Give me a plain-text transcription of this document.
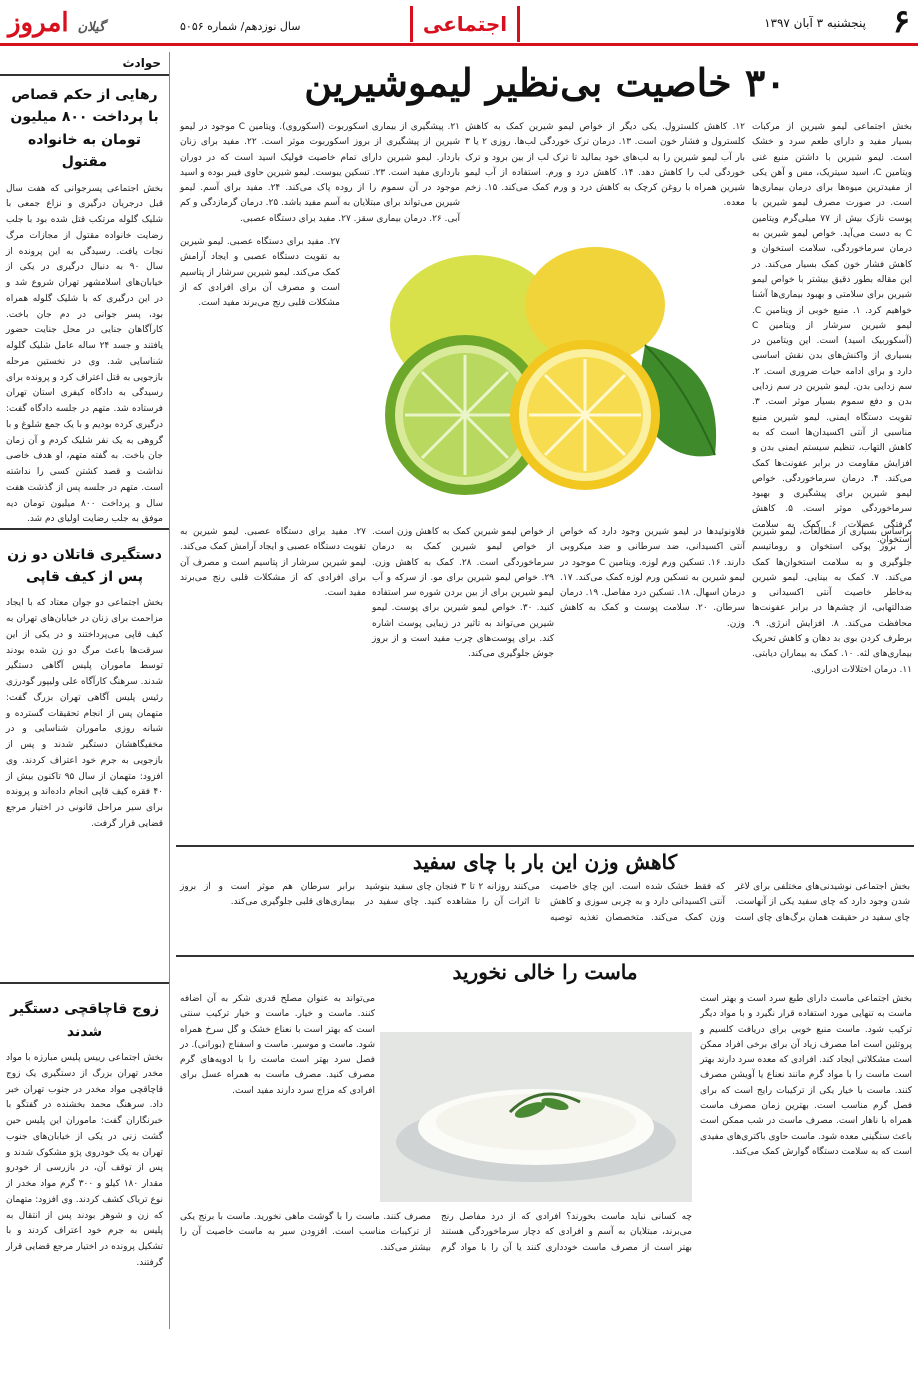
۶
پنجشنبه ۳ آبان ۱۳۹۷
اجتماعی
سال نوزدهم/ شماره ۵۰۵۶
گیلان امروز
حوادث
رهایی از حکم قصاص با پرداخت ۸۰۰ میلیون تومان به خانواده مقتول
بخش اجتماعی پسرجوانی که هفت سال قبل درجریان درگیری و نزاع جمعی با شلیک گلوله مرتکب قتل شده بود با جلب رضایت خانواده مقتول از مجازات مرگ نجات یافت. رسیدگی به این پرونده از سال ۹۰ به دنبال درگیری در یکی از خیابان‌های اسلامشهر تهران شروع شد و در این درگیری که با شلیک گلوله همراه بود، پسر جوانی در دم جان باخت. کارآگاهان جنایی در محل جنایت حضور یافتند و جسد ۲۴ ساله عامل شلیک گلوله شناسایی شد. وی در نخستین مرحله بازجویی به قتل اعتراف کرد و پرونده برای رسیدگی به دادگاه کیفری استان تهران فرستاده شد. متهم در جلسه دادگاه گفت: درگیری کرده بودیم و با یک جمع شلوغ و با گروهی به یک نفر شلیک کردم و آن زمان جان باخت. به گفته متهم، او هدف خاصی نداشت و قصد کشتن کسی را نداشته است. متهم در جلسه پس از گذشت هفت سال و پرداخت ۸۰۰ میلیون تومان دیه موفق به جلب رضایت اولیای دم شد.
دستگیری قاتلان دو زن پس از کیف قاپی
بخش اجتماعی دو جوان معتاد که با ایجاد مزاحمت برای زنان در خیابان‌های تهران به کیف قاپی می‌پرداختند و در یکی از این سرقت‌ها باعث مرگ دو زن شده بودند توسط ماموران پلیس آگاهی دستگیر شدند. سرهنگ کارآگاه علی ولیپور گودرزی رئیس پلیس آگاهی تهران بزرگ گفت: متهمان پس از انجام تحقیقات گسترده و شبانه روزی ماموران شناسایی و در مخفیگاهشان دستگیر شدند و پس از بازجویی به جرم خود اعتراف کردند. وی افزود: متهمان از سال ۹۵ تاکنون بیش از ۴۰ فقره کیف قاپی انجام داده‌اند و پرونده برای سیر مراحل قانونی در اختیار مرجع قضایی قرار گرفت.
زوج قاچاقچی دستگیر شدند
بخش اجتماعی رییس پلیس مبارزه با مواد مخدر تهران بزرگ از دستگیری یک زوج قاچاقچی مواد مخدر در جنوب تهران خبر داد. سرهنگ محمد بخشنده در گفتگو با خبرنگاران گفت: ماموران این پلیس حین گشت زنی در یکی از خیابان‌های جنوب تهران به یک خودروی پژو مشکوک شدند و پس از توقف آن، در بازرسی از خودرو مقدار ۱۸۰ کیلو و ۳۰۰ گرم مواد مخدر از نوع تریاک کشف کردند. وی افزود: متهمان که زن و شوهر بودند پس از انتقال به پلیس به جرم خود اعتراف کردند و با تشکیل پرونده در اختیار مرجع قضایی قرار گرفتند.
۳۰ خاصیت بی‌نظیر لیموشیرین
بخش اجتماعی لیمو شیرین از مرکبات بسیار مفید و دارای طعم سرد و خشک است. لیمو شیرین با داشتن منبع غنی ویتامین C، اسید سیتریک، مس و آهن یکی از مفیدترین میوه‌ها برای درمان بیماری‌ها است. در صورت مصرف لیمو شیرین با پوست نازک بیش از ۷۷ میلی‌گرم ویتامین C به دست می‌آید. خواص لیمو شیرین به درمان سرماخوردگی، سلامت استخوان و کاهش فشار خون کمک بسیار می‌کند. در این مقاله بطور دقیق بیشتر با خواص لیمو شیرین برای سلامتی و بهبود بیماری‌ها آشنا خواهیم کرد. ۱. منبع خوبی از ویتامین C. لیمو شیرین سرشار از ویتامین C (آسکوربیک اسید) است. این ویتامین در بسیاری از واکنش‌های بدن نقش اساسی دارد و برای ادامه حیات ضروری است. ۲. سم زدایی بدن. لیمو شیرین در سم زدایی بدن و دفع سموم بسیار موثر است. ۳. تقویت دستگاه ایمنی. لیمو شیرین منبع مناسبی از آنتی اکسیدان‌ها است که به کاهش التهاب، تنظیم سیستم ایمنی بدن و افزایش مقاومت در برابر عفونت‌ها کمک می‌کند. ۴. درمان سرماخوردگی. خواص لیمو شیرین برای پیشگیری و بهبود سرماخوردگی موثر است. ۵. کاهش گرفتگی عضلات. ۶. کمک به سلامت استخوان.
۱۲. کاهش کلسترول. یکی دیگر از خواص لیمو شیرین کمک به کاهش کلسترول و فشار خون است. ۱۳. درمان ترک خوردگی لب‌ها. روزی ۲ یا ۳ بار آب لیمو شیرین را به لب‌های خود بمالید تا ترک لب از بین برود و ترک خوردگی لب را کاهش دهد. ۱۴. کاهش درد و ورم. استفاده از آب لیمو شیرین همراه با روغن کرچک به کاهش درد و ورم کمک می‌کند. ۱۵. زخم معده.
۲۱. پیشگیری از بیماری اسکوربوت (اسکوروی). ویتامین C موجود در لیمو شیرین از پیشگیری از بروز اسکوربوت موثر است. ۲۲. مفید برای زنان باردار. لیمو شیرین دارای تمام خاصیت فولیک اسید است که در دوران بارداری مفید است. ۲۳. تسکین یبوست. لیمو شیرین حاوی فیبر بوده و اسید موجود در آن سموم را از روده پاک می‌کند. ۲۴. مفید برای آسم. لیمو شیرین می‌تواند برای مبتلایان به آسم مفید باشد. ۲۵. درمان گرمازدگی و کم آبی. ۲۶. درمان بیماری سقز. ۲۷. مفید برای دستگاه عصبی.
۲۷. مفید برای دستگاه عصبی. لیمو شیرین به تقویت دستگاه عصبی و ایجاد آرامش کمک می‌کند. لیمو شیرین سرشار از پتاسیم است و مصرف آن برای افرادی که از مشکلات قلبی رنج می‌برند مفید است.
براساس بسیاری از مطالعات، لیمو شیرین از بروز پوکی استخوان و روماتیسم جلوگیری و به سلامت استخوان‌ها کمک می‌کند. ۷. کمک به بینایی. لیمو شیرین به‌خاطر خاصیت آنتی اکسیدانی و ضدالتهابی، از چشم‌ها در برابر عفونت‌ها محافظت می‌کند. ۸. افزایش انرژی. ۹. برطرف کردن بوی بد دهان و کاهش تحریک بیماری‌های لثه. ۱۰. کمک به بیماران دیابتی. ۱۱. درمان اختلالات ادراری.
فلاونوئیدها در لیمو شیرین وجود دارد که خواص آنتی اکسیدانی، ضد سرطانی و ضد میکروبی دارند. ۱۶. تسکین ورم لوزه. ویتامین C موجود در لیمو شیرین به تسکین ورم لوزه کمک می‌کند. ۱۷. درمان اسهال. ۱۸. تسکین درد مفاصل. ۱۹. درمان سرطان. ۲۰. سلامت پوست و کمک به کاهش وزن.
از خواص لیمو شیرین کمک به کاهش وزن است. از خواص لیمو شیرین کمک به درمان سرماخوردگی است. ۲۸. کمک به کاهش وزن. ۲۹. خواص لیمو شیرین برای مو. از سرکه و آب لیمو شیرین برای از بین بردن شوره سر استفاده کنید. ۳۰. خواص لیمو شیرین برای پوست. لیمو شیرین می‌تواند به تاثیر در زیبایی پوست اشاره کند. برای پوست‌های چرب مفید است و از بروز جوش جلوگیری می‌کند.
۲۷. مفید برای دستگاه عصبی. لیمو شیرین به تقویت دستگاه عصبی و ایجاد آرامش کمک می‌کند. لیمو شیرین سرشار از پتاسیم است و مصرف آن برای افرادی که از مشکلات قلبی رنج می‌برند مفید است.
کاهش وزن این بار با چای سفید
بخش اجتماعی نوشیدنی‌های مختلفی برای لاغر شدن وجود دارد که چای سفید یکی از آنهاست. چای سفید در حقیقت همان برگ‌های چای است که فقط خشک شده است. این چای خاصیت آنتی اکسیدانی دارد و به چربی سوزی و کاهش وزن کمک می‌کند. متخصصان تغذیه توصیه می‌کنند روزانه ۲ تا ۳ فنجان چای سفید بنوشید تا اثرات آن را مشاهده کنید. چای سفید در برابر سرطان هم موثر است و از بروز بیماری‌های قلبی جلوگیری می‌کند.
ماست را خالی نخورید
بخش اجتماعی ماست دارای طبع سرد است و بهتر است ماست به تنهایی مورد استفاده قرار نگیرد و با مواد دیگر ترکیب شود. ماست منبع خوبی برای دریافت کلسیم و پروتئین است اما مصرف زیاد آن برای برخی افراد ممکن است مشکلاتی ایجاد کند. افرادی که معده سرد دارند بهتر است ماست را با مواد گرم مانند نعناع یا آویشن مصرف کنند. ماست با خیار یکی از ترکیبات رایج است که برای فصل گرم مناسب است. بهترین زمان مصرف ماست همراه با ناهار است. مصرف ماست در شب ممکن است باعث سنگینی معده شود. ماست حاوی باکتری‌های مفیدی است که به سلامت دستگاه گوارش کمک می‌کند.
می‌تواند به عنوان مصلح قدری شکر به آن اضافه کنند. ماست و خیار. ماست و خیار ترکیب سنتی است که بهتر است با نعناع خشک و گل سرخ همراه شود. ماست و موسیر. ماست و اسفناج (بورانی). در فصل سرد بهتر است ماست را با ادویه‌های گرم مصرف کنید. مصرف ماست به همراه عسل برای افرادی که مزاج سرد دارند مفید است.
چه کسانی نباید ماست بخورند؟ افرادی که از درد مفاصل رنج می‌برند، مبتلایان به آسم و افرادی که دچار سرماخوردگی هستند بهتر است از مصرف ماست خودداری کنند یا آن را با مواد گرم مصرف کنند. ماست را با گوشت ماهی نخورید. ماست با برنج یکی از ترکیبات مناسب است. افزودن سیر به ماست خاصیت آن را بیشتر می‌کند.
